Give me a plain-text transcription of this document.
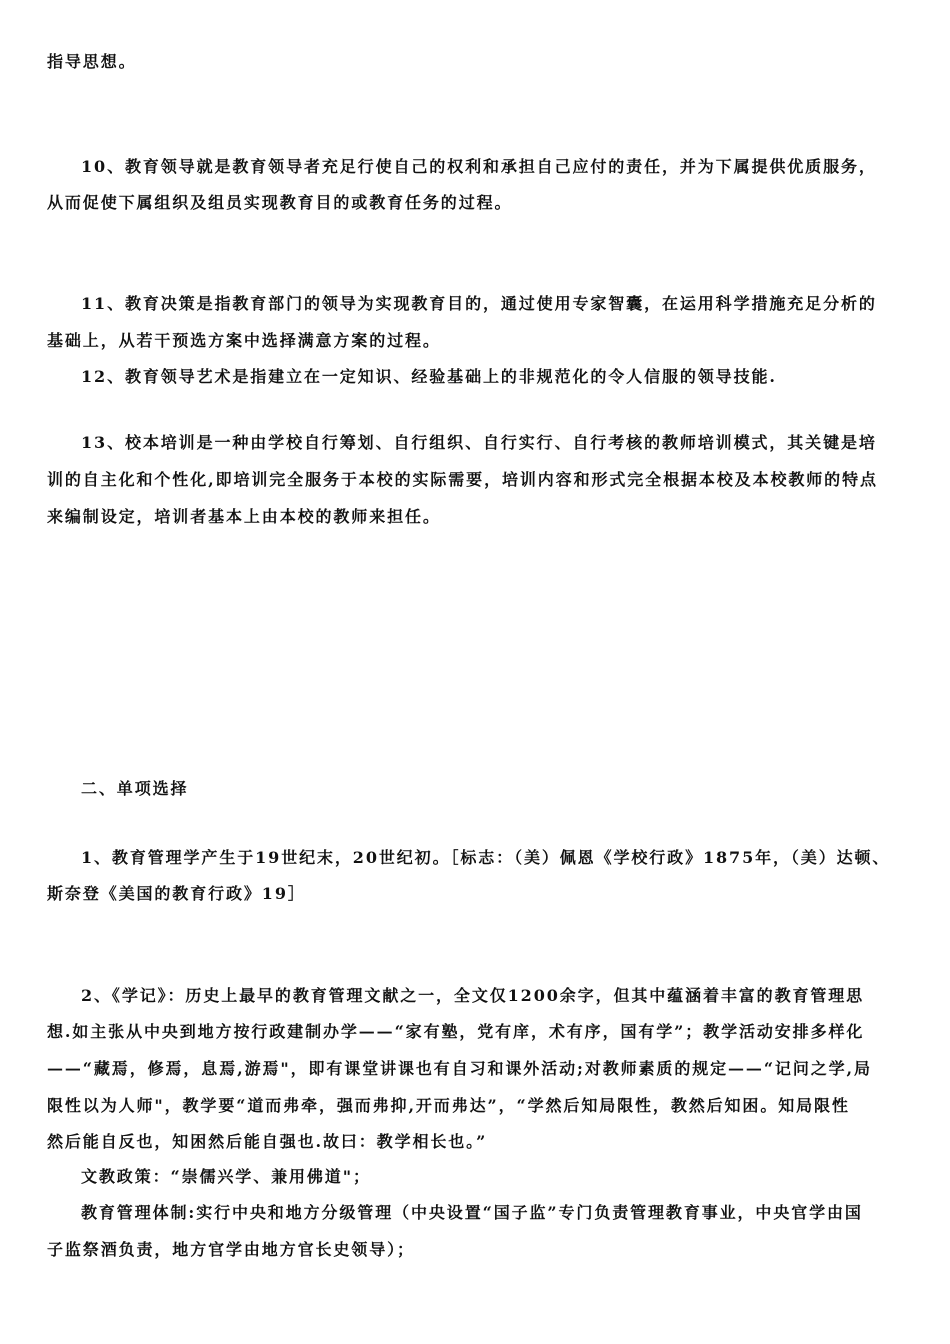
指导思想。
10、教育领导就是教育领导者充足行使自己的权利和承担自己应付的责任，并为下属提供优质服务，
从而促使下属组织及组员实现教育目的或教育任务的过程。
11、教育决策是指教育部门的领导为实现教育目的，通过使用专家智囊，在运用科学措施充足分析的
基础上，从若干预选方案中选择满意方案的过程。
12、教育领导艺术是指建立在一定知识、经验基础上的非规范化的令人信服的领导技能.
13、校本培训是一种由学校自行筹划、自行组织、自行实行、自行考核的教师培训模式，其关键是培
训的自主化和个性化,即培训完全服务于本校的实际需要，培训内容和形式完全根据本校及本校教师的特点
来编制设定，培训者基本上由本校的教师来担任。
二、单项选择
1、教育管理学产生于19世纪末，20世纪初。［标志：（美）佩恩《学校行政》1875年，（美）达顿、
斯奈登《美国的教育行政》19］
2、《学记》：历史上最早的教育管理文献之一，全文仅1200余字，但其中蕴涵着丰富的教育管理思
想.如主张从中央到地方按行政建制办学——“家有塾，党有庠，术有序，国有学”；教学活动安排多样化
——“藏焉，修焉，息焉,游焉"，即有课堂讲课也有自习和课外活动;对教师素质的规定——“记问之学,局
限性以为人师"，教学要“道而弗牵，强而弗抑,开而弗达”，“学然后知局限性，教然后知困。知局限性
然后能自反也，知困然后能自强也.故曰：教学相长也。”
文教政策：“崇儒兴学、兼用佛道"；
教育管理体制:实行中央和地方分级管理（中央设置“国子监”专门负责管理教育事业，中央官学由国
子监祭酒负责，地方官学由地方官长史领导）；
